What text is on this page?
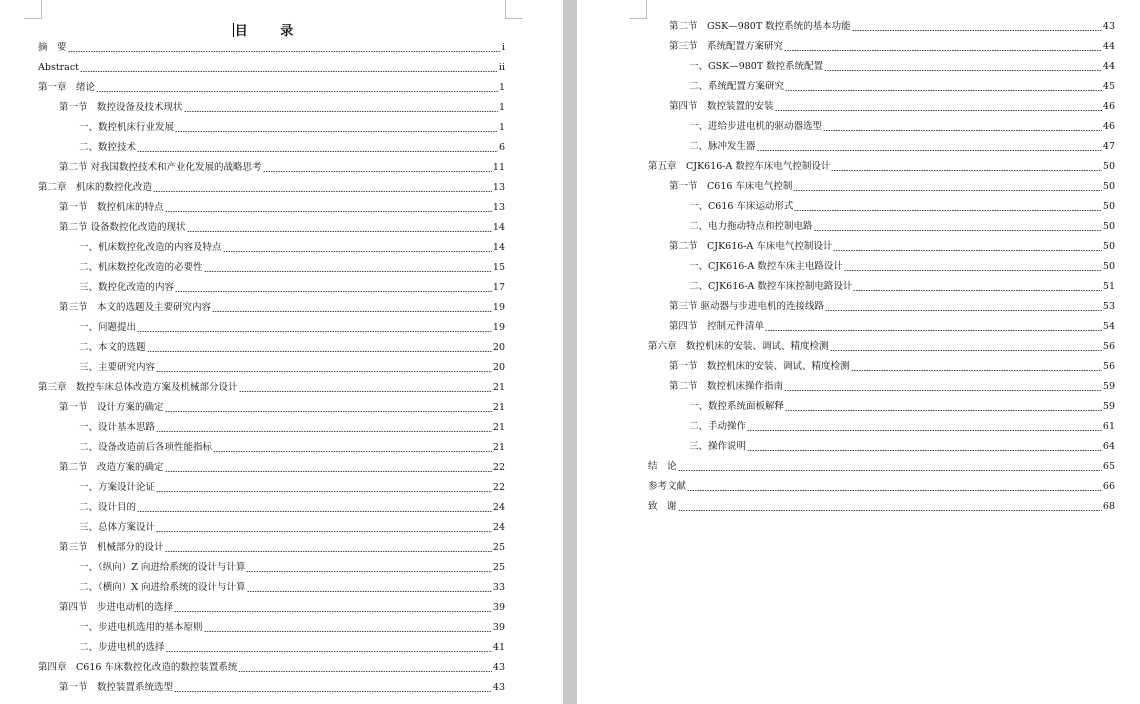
目 录
摘　要	i
Abstract	ii
第一章　绪论	1
第一节　数控设备及技术现状	1
一、数控机床行业发展	1
二、数控技术	6
第二节 对我国数控技术和产业化发展的战略思考	11
第二章　机床的数控化改造	13
第一节　数控机床的特点	13
第二节 设备数控化改造的现状	14
一、机床数控化改造的内容及特点	14
二、机床数控化改造的必要性	15
三、数控化改造的内容	17
第三节　本文的选题及主要研究内容	19
一、问题提出	19
二、本文的选题	20
三、主要研究内容	20
第三章　数控车床总体改造方案及机械部分设计	21
第一节　设计方案的确定	21
一、设计基本思路	21
二、设备改造前后各项性能指标	21
第二节　改造方案的确定	22
一、方案设计论证	22
二、设计目的	24
三、总体方案设计	24
第三节　机械部分的设计	25
一、（纵向）Z 向进给系统的设计与计算	25
二、（横向）X 向进给系统的设计与计算	33
第四节　步进电动机的选择	39
一、步进电机选用的基本原则	39
二、步进电机的选择	41
第四章　C616 车床数控化改造的数控装置系统	43
第一节　数控装置系统选型	43
第二节　GSK—980T 数控系统的基本功能	43
第三节　系统配置方案研究	44
一、GSK—980T 数控系统配置	44
二、系统配置方案研究	45
第四节　数控装置的安装	46
一、进给步进电机的驱动器选型	46
二、脉冲发生器	47
第五章　CJK616-A 数控车床电气控制设计	50
第一节　C616 车床电气控制	50
一、C616 车床运动形式	50
二、电力拖动特点和控制电路	50
第二节　CJK616-A 车床电气控制设计	50
一、CJK616-A 数控车床主电路设计	50
二、CJK616-A 数控车床控制电路设计	51
第三节 驱动器与步进电机的连接线路	53
第四节　控制元件清单	54
第六章　数控机床的安装、调试、精度检测	56
第一节　数控机床的安装、调试、精度检测	56
第二节　数控机床操作指南	59
一、数控系统面板解释	59
二、手动操作	61
三、操作说明	64
结　论	65
参考文献	66
致　谢	68
